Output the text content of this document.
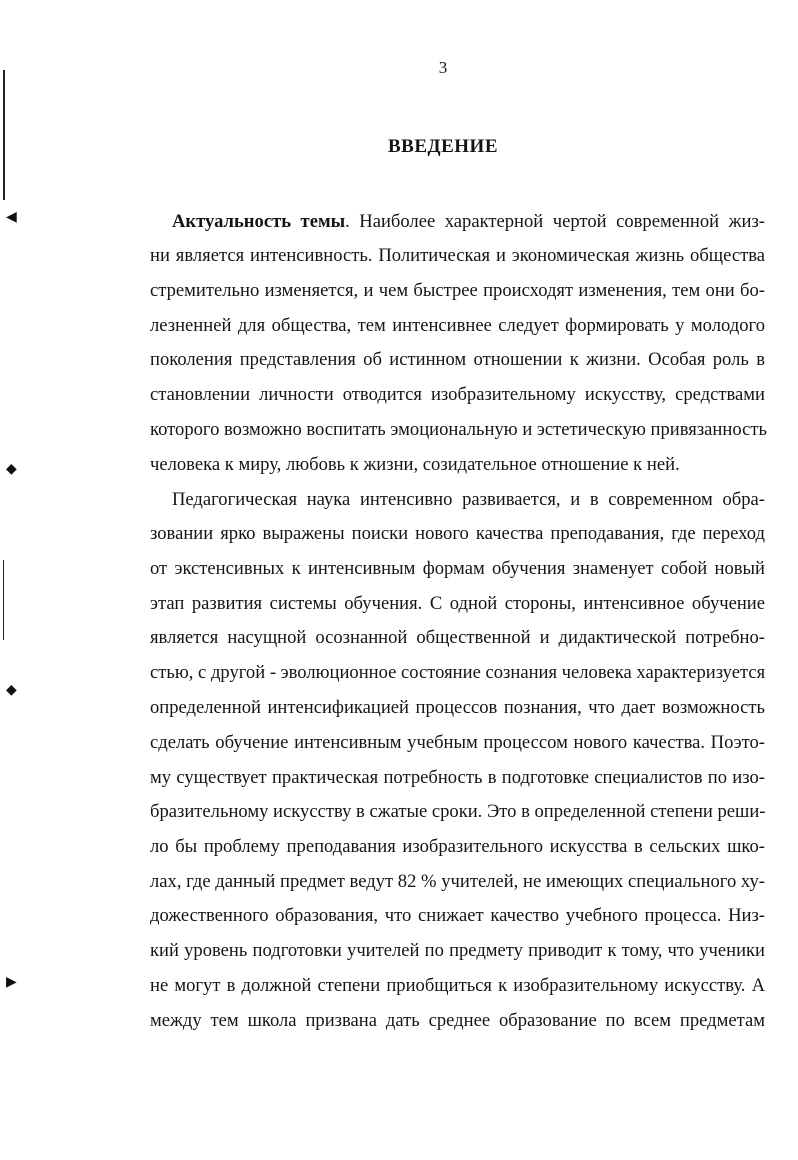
◀
◆
◆
▶
3
ВВЕДЕНИЕ
Актуальность темы. Наиболее характерной чертой современной жиз-
ни является интенсивность. Политическая и экономическая жизнь общества
стремительно изменяется, и чем быстрее происходят изменения, тем они бо-
лезненней для общества, тем интенсивнее следует формировать у молодого
поколения представления об истинном отношении к жизни. Особая роль в
становлении личности отводится изобразительному искусству, средствами
которого возможно воспитать эмоциональную и эстетическую привязанность
человека к миру, любовь к жизни, созидательное отношение к ней.
Педагогическая наука интенсивно развивается, и в современном обра-
зовании ярко выражены поиски нового качества преподавания, где переход
от экстенсивных к интенсивным формам обучения знаменует собой новый
этап развития системы обучения. С одной стороны, интенсивное обучение
является насущной осознанной общественной и дидактической потребно-
стью, с другой - эволюционное состояние сознания человека характеризуется
определенной интенсификацией процессов познания, что дает возможность
сделать обучение интенсивным учебным процессом нового качества. Поэто-
му существует практическая потребность в подготовке специалистов по изо-
бразительному искусству в сжатые сроки. Это в определенной степени реши-
ло бы проблему преподавания изобразительного искусства в сельских шко-
лах, где данный предмет ведут 82 % учителей, не имеющих специального ху-
дожественного образования, что снижает качество учебного процесса. Низ-
кий уровень подготовки учителей по предмету приводит к тому, что ученики
не могут в должной степени приобщиться к изобразительному искусству. А
между тем школа призвана дать среднее образование по всем предметам
